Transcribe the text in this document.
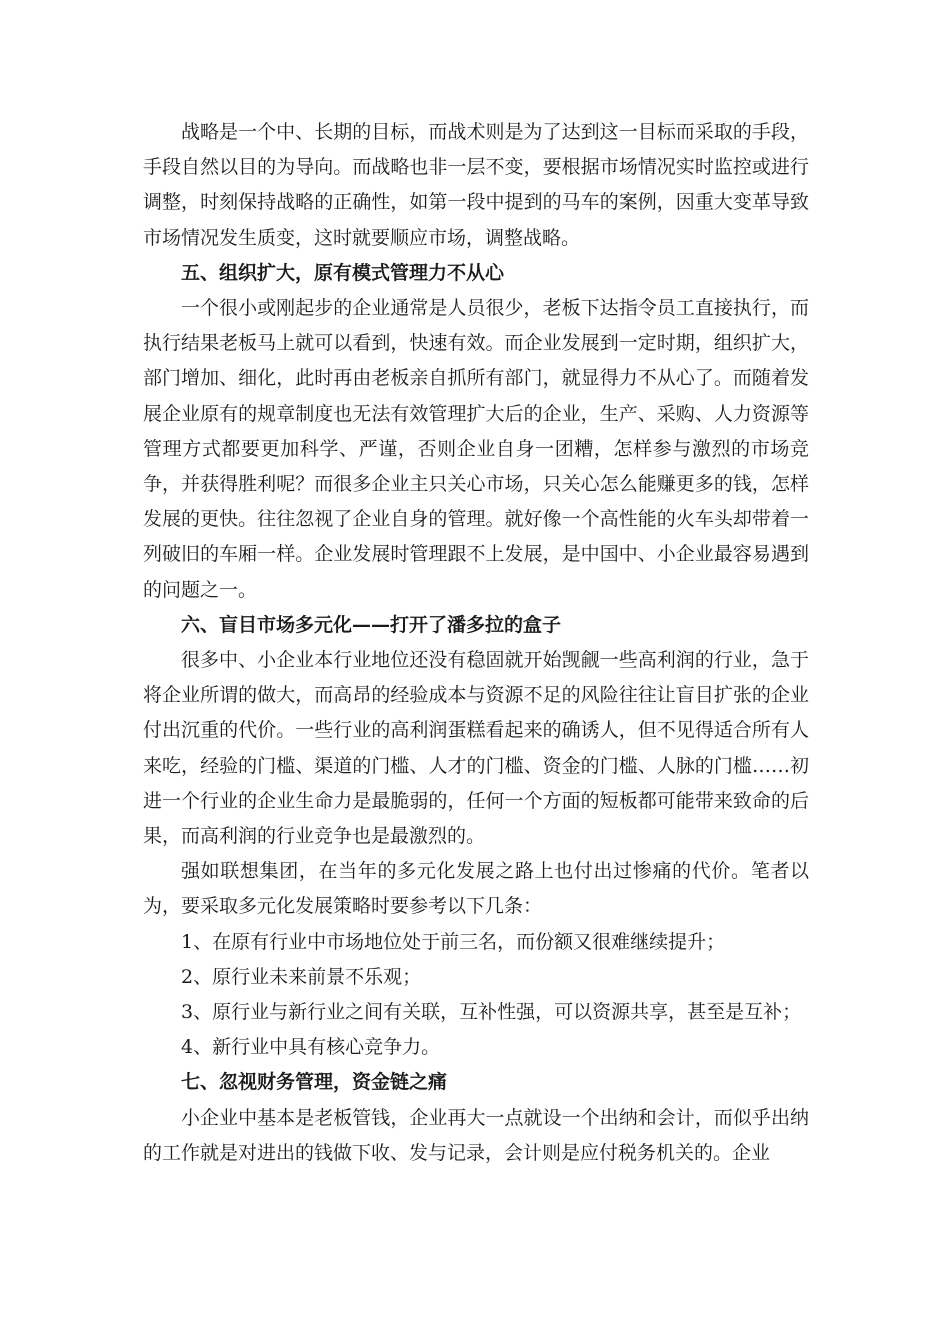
战略是一个中、长期的目标，而战术则是为了达到这一目标而采取的手段，手段自然以目的为导向。而战略也非一层不变，要根据市场情况实时监控或进行调整，时刻保持战略的正确性，如第一段中提到的马车的案例，因重大变革导致市场情况发生质变，这时就要顺应市场，调整战略。

五、组织扩大，原有模式管理力不从心

一个很小或刚起步的企业通常是人员很少，老板下达指令员工直接执行，而执行结果老板马上就可以看到，快速有效。而企业发展到一定时期，组织扩大，部门增加、细化，此时再由老板亲自抓所有部门，就显得力不从心了。而随着发展企业原有的规章制度也无法有效管理扩大后的企业，生产、采购、人力资源等管理方式都要更加科学、严谨，否则企业自身一团糟，怎样参与激烈的市场竞争，并获得胜利呢？而很多企业主只关心市场，只关心怎么能赚更多的钱，怎样发展的更快。往往忽视了企业自身的管理。就好像一个高性能的火车头却带着一列破旧的车厢一样。企业发展时管理跟不上发展，是中国中、小企业最容易遇到的问题之一。

六、盲目市场多元化——打开了潘多拉的盒子

很多中、小企业本行业地位还没有稳固就开始觊觎一些高利润的行业，急于将企业所谓的做大，而高昂的经验成本与资源不足的风险往往让盲目扩张的企业付出沉重的代价。一些行业的高利润蛋糕看起来的确诱人，但不见得适合所有人来吃，经验的门槛、渠道的门槛、人才的门槛、资金的门槛、人脉的门槛……初进一个行业的企业生命力是最脆弱的，任何一个方面的短板都可能带来致命的后果，而高利润的行业竞争也是最激烈的。

强如联想集团，在当年的多元化发展之路上也付出过惨痛的代价。笔者以为，要采取多元化发展策略时要参考以下几条：

1、在原有行业中市场地位处于前三名，而份额又很难继续提升；

2、原行业未来前景不乐观；

3、原行业与新行业之间有关联，互补性强，可以资源共享，甚至是互补；

4、新行业中具有核心竞争力。

七、忽视财务管理，资金链之痛

小企业中基本是老板管钱，企业再大一点就设一个出纳和会计，而似乎出纳的工作就是对进出的钱做下收、发与记录，会计则是应付税务机关的。企业
